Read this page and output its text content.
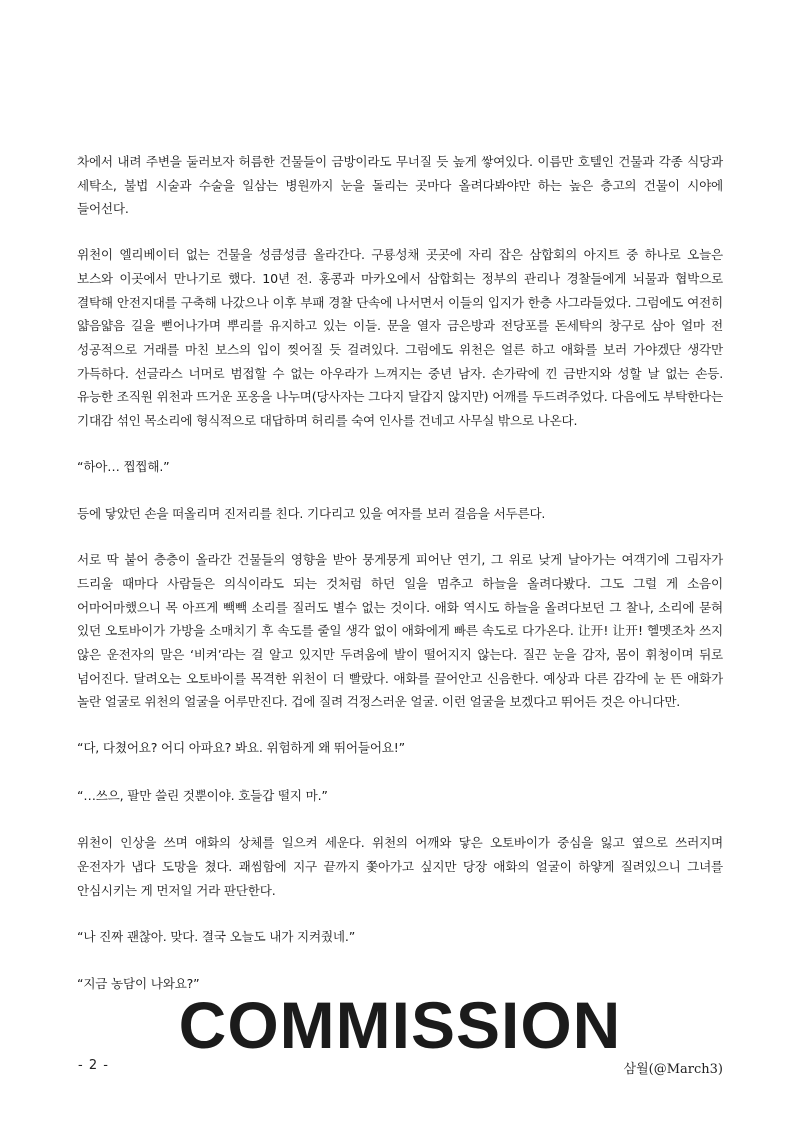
차에서 내려 주변을 둘러보자 허름한 건물들이 금방이라도 무너질 듯 높게 쌓여있다. 이름만 호텔인 건물과 각종 식당과 세탁소, 불법 시술과 수술을 일삼는 병원까지 눈을 돌리는 곳마다 올려다봐야만 하는 높은 층고의 건물이 시야에 들어선다.

위천이 엘리베이터 없는 건물을 성큼성큼 올라간다. 구룡성채 곳곳에 자리 잡은 삼합회의 아지트 중 하나로 오늘은 보스와 이곳에서 만나기로 했다. 10년 전. 홍콩과 마카오에서 삼합회는 정부의 관리나 경찰들에게 뇌물과 협박으로 결탁해 안전지대를 구축해 나갔으나 이후 부패 경찰 단속에 나서면서 이들의 입지가 한층 사그라들었다. 그럼에도 여전히 얇음얇음 길을 뻗어나가며 뿌리를 유지하고 있는 이들. 문을 열자 금은방과 전당포를 돈세탁의 창구로 삼아 얼마 전 성공적으로 거래를 마친 보스의 입이 찢어질 듯 걸려있다. 그럼에도 위천은 얼른 하고 애화를 보러 가야겠단 생각만 가득하다. 선글라스 너머로 범접할 수 없는 아우라가 느껴지는 중년 남자. 손가락에 낀 금반지와 성할 날 없는 손등. 유능한 조직원 위천과 뜨거운 포옹을 나누며(당사자는 그다지 달갑지 않지만) 어깨를 두드려주었다. 다음에도 부탁한다는 기대감 섞인 목소리에 형식적으로 대답하며 허리를 숙여 인사를 건네고 사무실 밖으로 나온다.

“하아… 찝찝해.”

등에 닿았던 손을 떠올리며 진저리를 친다. 기다리고 있을 여자를 보러 걸음을 서두른다.

서로 딱 붙어 층층이 올라간 건물들의 영향을 받아 뭉게뭉게 피어난 연기, 그 위로 낮게 날아가는 여객기에 그림자가 드리울 때마다 사람들은 의식이라도 되는 것처럼 하던 일을 멈추고 하늘을 올려다봤다. 그도 그럴 게 소음이 어마어마했으니 목 아프게 빽빽 소리를 질러도 별수 없는 것이다. 애화 역시도 하늘을 올려다보던 그 찰나, 소리에 묻혀 있던 오토바이가 가방을 소매치기 후 속도를 줄일 생각 없이 애화에게 빠른 속도로 다가온다. 让开! 让开! 헬멧조차 쓰지 않은 운전자의 말은 ‘비켜’라는 걸 알고 있지만 두려움에 발이 떨어지지 않는다. 질끈 눈을 감자, 몸이 휘청이며 뒤로 넘어진다. 달려오는 오토바이를 목격한 위천이 더 빨랐다. 애화를 끌어안고 신음한다. 예상과 다른 감각에 눈 뜬 애화가 놀란 얼굴로 위천의 얼굴을 어루만진다. 겁에 질려 걱정스러운 얼굴. 이런 얼굴을 보겠다고 뛰어든 것은 아니다만.

“다, 다쳤어요? 어디 아파요? 봐요. 위험하게 왜 뛰어들어요!”

“…쓰으, 팔만 쓸린 것뿐이야. 호들갑 떨지 마.”

위천이 인상을 쓰며 애화의 상체를 일으켜 세운다. 위천의 어깨와 닿은 오토바이가 중심을 잃고 옆으로 쓰러지며 운전자가 냅다 도망을 쳤다. 괘씸함에 지구 끝까지 쫓아가고 싶지만 당장 애화의 얼굴이 하얗게 질려있으니 그녀를 안심시키는 게 먼저일 거라 판단한다.

“나 진짜 괜찮아. 맞다. 결국 오늘도 내가 지켜줬네.”

“지금 농담이 나와요?”

COMMISSION
- 2 -	삼월(@March3)
